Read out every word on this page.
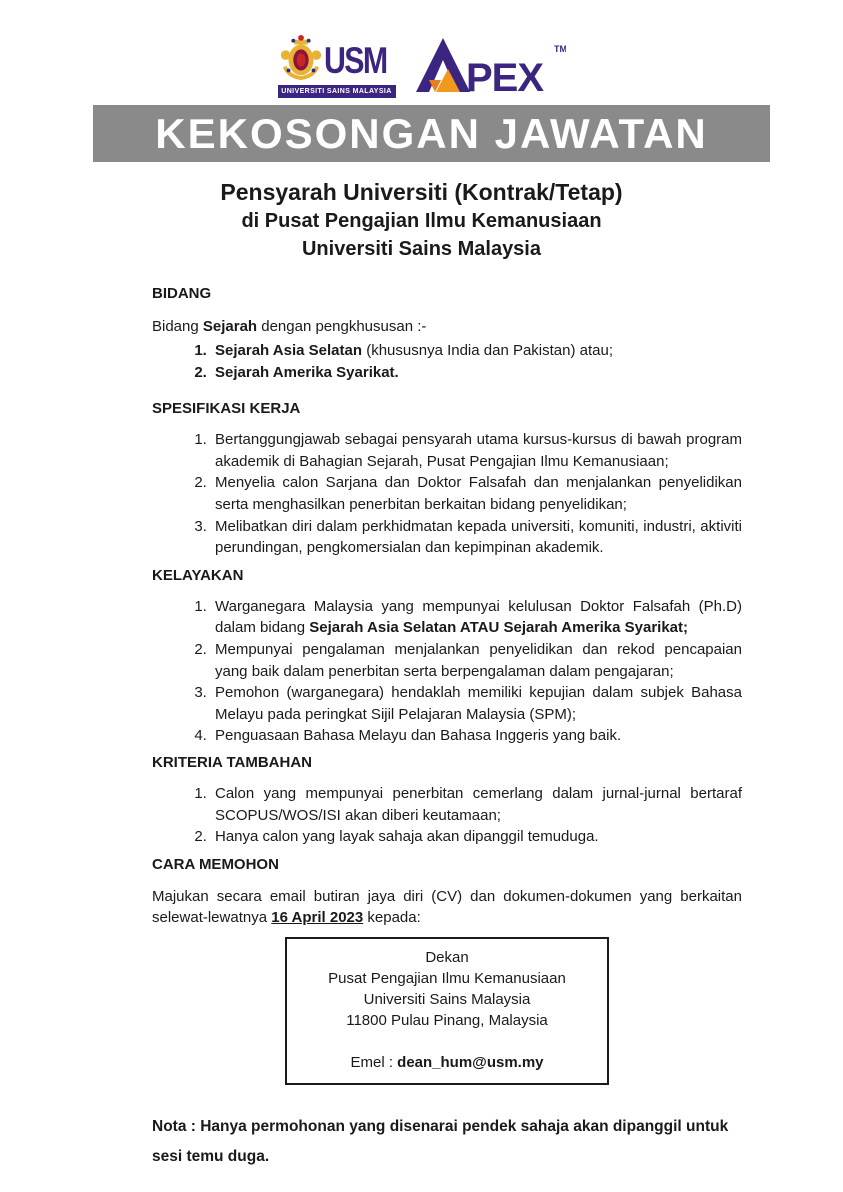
USM
UNIVERSITI SAINS MALAYSIA PEX
TM
KEKOSONGAN JAWATAN
Pensyarah Universiti (Kontrak/Tetap)
di Pusat Pengajian Ilmu Kemanusiaan
Universiti Sains Malaysia
BIDANG

Bidang Sejarah dengan pengkhususan :-

1. Sejarah Asia Selatan (khususnya India dan Pakistan) atau;
2. Sejarah Amerika Syarikat.
SPESIFIKASI KERJA
1. Bertanggungjawab sebagai pensyarah utama kursus-kursus di bawah program akademik di Bahagian Sejarah, Pusat Pengajian Ilmu Kemanusiaan;
2. Menyelia calon Sarjana dan Doktor Falsafah dan menjalankan penyelidikan serta menghasilkan penerbitan berkaitan bidang penyelidikan;
3. Melibatkan diri dalam perkhidmatan kepada universiti, komuniti, industri, aktiviti perundingan, pengkomersialan dan kepimpinan akademik.
KELAYAKAN
1. Warganegara Malaysia yang mempunyai kelulusan Doktor Falsafah (Ph.D) dalam bidang Sejarah Asia Selatan ATAU Sejarah Amerika Syarikat;
2. Mempunyai pengalaman menjalankan penyelidikan dan rekod pencapaian yang baik dalam penerbitan serta berpengalaman dalam pengajaran;
3. Pemohon (warganegara) hendaklah memiliki kepujian dalam subjek Bahasa Melayu pada peringkat Sijil Pelajaran Malaysia (SPM);
4. Penguasaan Bahasa Melayu dan Bahasa Inggeris yang baik.
KRITERIA TAMBAHAN
1. Calon yang mempunyai penerbitan cemerlang dalam jurnal-jurnal bertaraf SCOPUS/WOS/ISI akan diberi keutamaan;
2. Hanya calon yang layak sahaja akan dipanggil temuduga.
CARA MEMOHON

Majukan secara email butiran jaya diri (CV) dan dokumen-dokumen yang berkaitan selewat-lewatnya 16 April 2023 kepada:

Dekan
Pusat Pengajian Ilmu Kemanusiaan
Universiti Sains Malaysia
11800 Pulau Pinang, Malaysia
Emel : dean_hum@usm.my

Nota : Hanya permohonan yang disenarai pendek sahaja akan dipanggil untuk sesi temu duga.
